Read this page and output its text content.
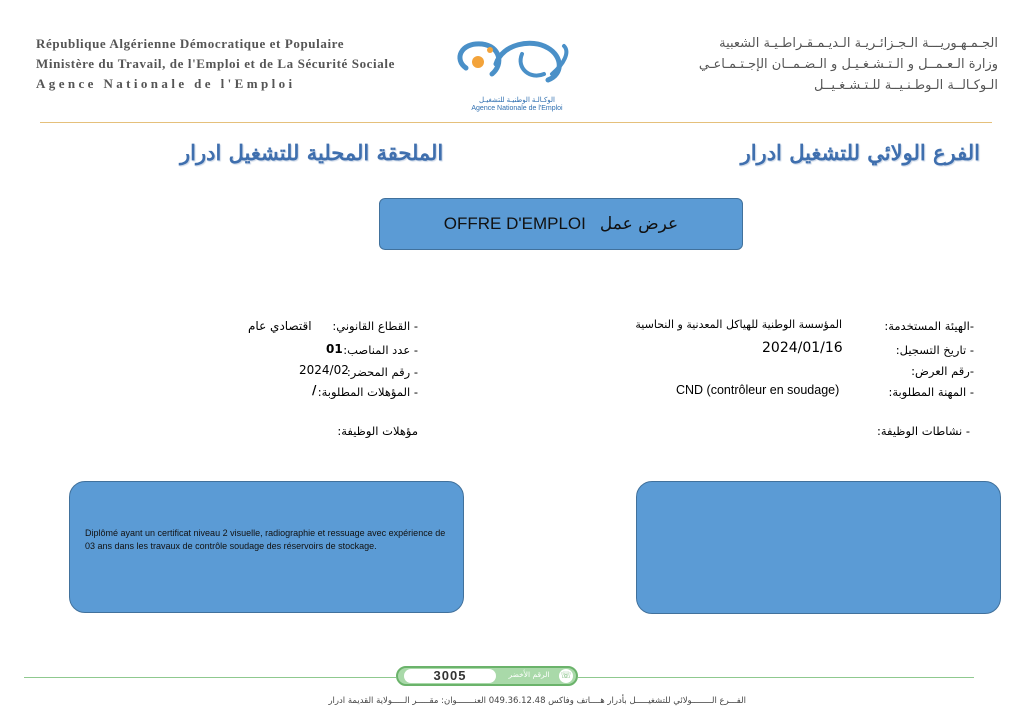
République Algérienne Démocratique et Populaire
Ministère du Travail, de l'Emploi et de La Sécurité Sociale
Agence Nationale de l'Emploi
الوكـالـة الوطنيـة للتشغيـل
Agence Nationale de l'Emploi
الجـمـهـوريـــة الـجـزائـريـة الـديـمـقـراطـيـة الشعبية
وزارة الـعـمــل و الـتـشـغـيـل و الـضـمــان الإجـتـمـاعـي
الـوكـالــة الـوطـنـيــة للـتـشـغـيــل
الملحقة المحلية للتشغيل ادرار	الفرع الولائي للتشغيل ادرار
OFFRE D'EMPLOI عرض عمل
- القطاع القانوني:
اقتصادي عام
- عدد المناصب:
01
- رقم المحضر:
2024/02
- المؤهلات المطلوبة:
/
مؤهلات الوظيفة:
-الهيئة المستخدمة:
المؤسسة الوطنية للهياكل المعدنية و النحاسية
- تاريخ التسجيل:
2024/01/16
-رقم العرض:
- المهنة المطلوبة:
CND (contrôleur en soudage)
- نشاطات الوظيفة:
Diplômé ayant un certificat niveau 2 visuelle, radiographie et ressuage avec expérience de 03 ans dans les travaux de contrôle soudage des réservoirs de stockage.
3005	الرقم الأخضر	☏
الفـــرع الــــــــولائي للتشغيـــــل بأدرار هــــاتف وفاكس 049.36.12.48 العنـــــــوان: مقـــــر الـــــولاية القديمة ادرار
